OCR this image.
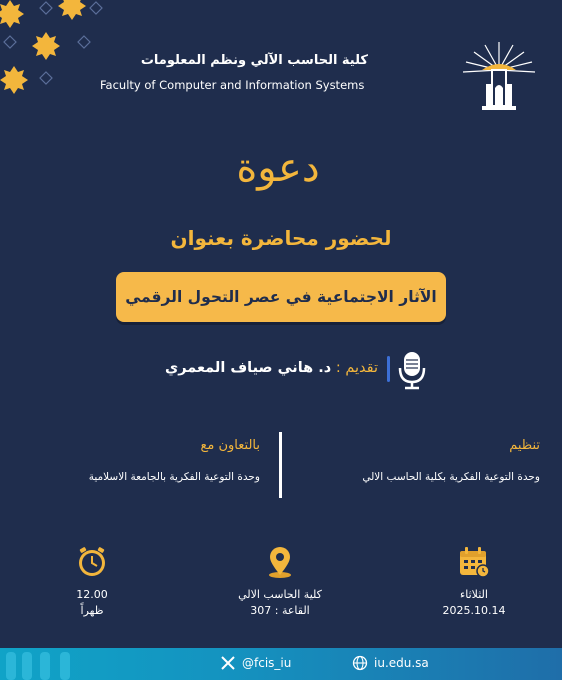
كلية الحاسب الآلي ونظم المعلومات
Faculty of Computer and Information Systems
دعوة
لحضور محاضرة بعنوان
الآثار الاجتماعية في عصر التحول الرقمي
تقديم : د. هاني صياف المعمري
تنظيم
وحدة التوعية الفكرية بكلية الحاسب الالي
بالتعاون مع
وحدة التوعية الفكرية بالجامعة الاسلامية
الثلاثاء
2025.10.14
كلية الحاسب الالي
القاعة : 307
12.00
ظهراً
@fcis_iu	iu.edu.sa
